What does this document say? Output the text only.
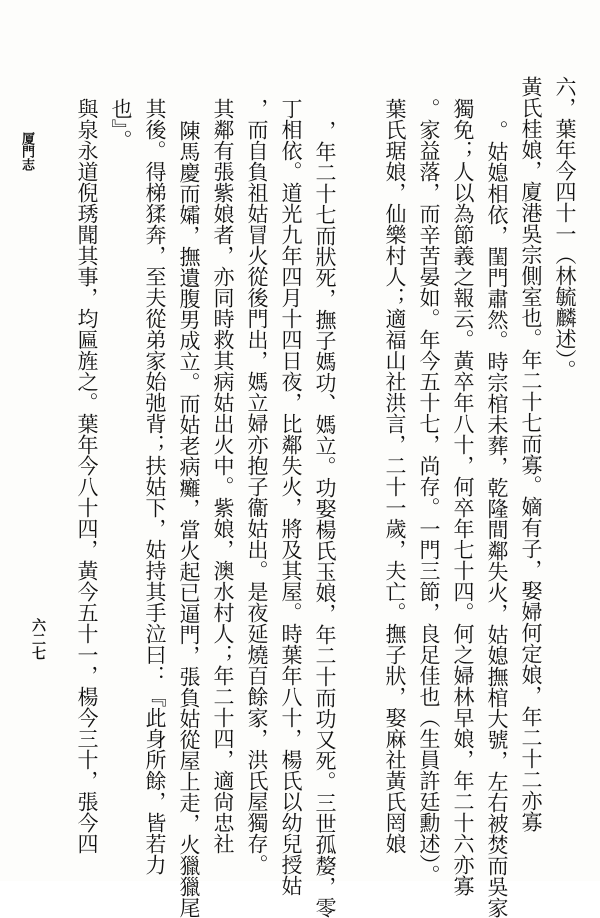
六，葉年今四十一（林毓麟述）。
黃氏桂娘，廈港吳宗側室也。年二十七而寡。嫡有子，娶婦何定娘，年二十二亦寡
。姑媳相依，閨門肅然。時宗棺未葬，乾隆間鄰失火，姑媳撫棺大號，左右被焚而吳家
獨免；人以為節義之報云。黃卒年八十，何卒年七十四。何之婦林早娘，年二十六亦寡
。家益落，而辛苦晏如。年今五十七，尚存。一門三節，良足佳也（生員許廷勳述）。
葉氏琚娘，仙樂村人；適福山社洪言，二十一歲，夫亡。撫子狀，娶麻社黃氏罔娘
，年二十七而狀死，撫子媽功、媽立。功娶楊氏玉娘，年二十而功又死。三世孤嫠，零
丁相依。道光九年四月十四日夜，比鄰失火，將及其屋。時葉年八十，楊氏以幼兒授姑
，而自負祖姑冒火從後門出，媽立婦亦抱子衞姑出。是夜延燒百餘家，洪氏屋獨存。
其鄰有張紫娘者，亦同時救其病姑出火中。紫娘，澳水村人；年二十四，適尙忠社
陳馬慶而孀，撫遺腹男成立。而姑老病癱，當火起已逼門，張負姑從屋上走，火獵獵尾
其後。得梯猱奔，至夫從弟家始弛背；扶姑下，姑持其手泣曰：『此身所餘，皆若力
也』。
與泉永道倪琇聞其事，均匾旌之。葉年今八十四，黃今五十一，楊今三十，張今四
厦門志
六二七
